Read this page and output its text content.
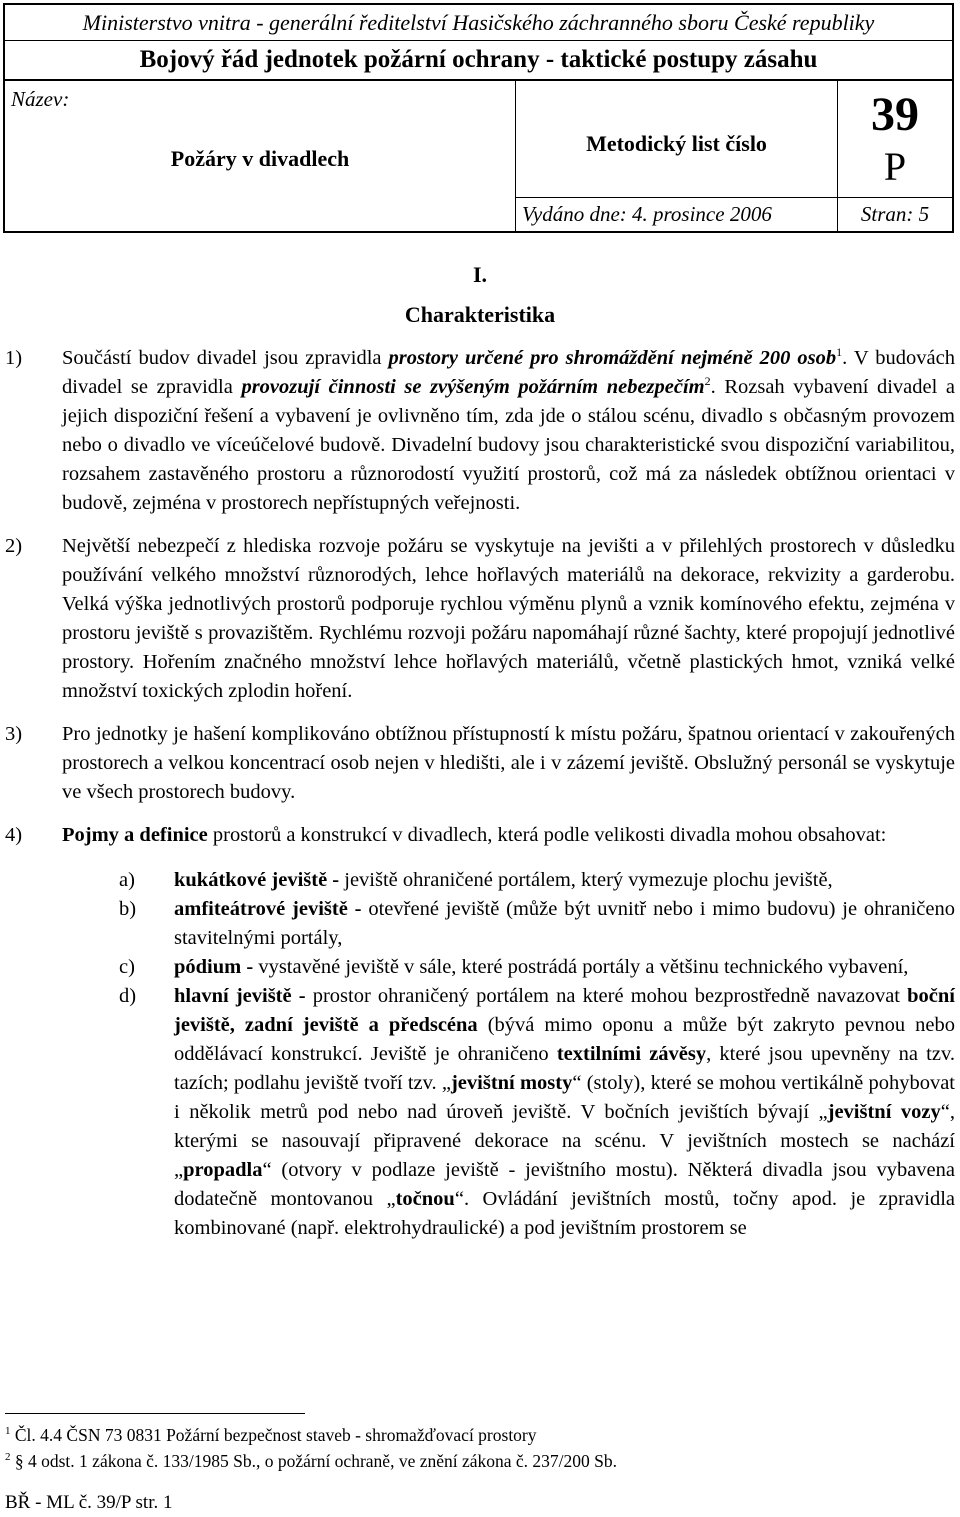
Ministerstvo vnitra - generální ředitelství Hasičského záchranného sboru České republiky
Bojový řád jednotek požární ochrany - taktické postupy zásahu
Název:
Požáry v divadlech
Metodický list číslo
39
P
Vydáno dne: 4. prosince 2006	Stran: 5
I.
Charakteristika
1) Součástí budov divadel jsou zpravidla prostory určené pro shromáždění nejméně 200 osob$^1$. V budovách divadel se zpravidla provozují činnosti se zvýšeným požárním nebezpečím$^2$. Rozsah vybavení divadel a jejich dispoziční řešení a vybavení je ovlivněno tím, zda jde o stálou scénu, divadlo s občasným provozem nebo o divadlo ve víceúčelové budově. Divadelní budovy jsou charakteristické svou dispoziční variabilitou, rozsahem zastavěného prostoru a různorodostí využití prostorů, což má za následek obtížnou orientaci v budově, zejména v prostorech nepřístupných veřejnosti.
2) Největší nebezpečí z hlediska rozvoje požáru se vyskytuje na jevišti a v přilehlých prostorech v důsledku používání velkého množství různorodých, lehce hořlavých materiálů na dekorace, rekvizity a garderobu. Velká výška jednotlivých prostorů podporuje rychlou výměnu plynů a vznik komínového efektu, zejména v prostoru jeviště s provazištěm. Rychlému rozvoji požáru napomáhají různé šachty, které propojují jednotlivé prostory. Hořením značného množství lehce hořlavých materiálů, včetně plastických hmot, vzniká velké množství toxických zplodin hoření.
3) Pro jednotky je hašení komplikováno obtížnou přístupností k místu požáru, špatnou orientací v zakouřených prostorech a velkou koncentrací osob nejen v hledišti, ale i v zázemí jeviště. Obslužný personál se vyskytuje ve všech prostorech budovy.
4) Pojmy a definice prostorů a konstrukcí v divadlech, která podle velikosti divadla mohou obsahovat:
a) kukátkové jeviště - jeviště ohraničené portálem, který vymezuje plochu jeviště,
b) amfiteátrové jeviště - otevřené jeviště (může být uvnitř nebo i mimo budovu) je ohraničeno stavitelnými portály,
c) pódium - vystavěné jeviště v sále, které postrádá portály a většinu technického vybavení,
d) hlavní jeviště - prostor ohraničený portálem na které mohou bezprostředně navazovat boční jeviště, zadní jeviště a předscéna (bývá mimo oponu a může být zakryto pevnou nebo oddělávací konstrukcí. Jeviště je ohraničeno textilními závěsy, které jsou upevněny na tzv. tazích; podlahu jeviště tvoří tzv. „jevištní mosty“ (stoly), které se mohou vertikálně pohybovat i několik metrů pod nebo nad úroveň jeviště. V bočních jevištích bývají „jevištní vozy“, kterými se nasouvají připravené dekorace na scénu. V jevištních mostech se nachází „propadla“ (otvory v podlaze jeviště - jevištního mostu). Některá divadla jsou vybavena dodatečně montovanou „točnou“. Ovládání jevištních mostů, točny apod. je zpravidla kombinované (např. elektrohydraulické) a pod jevištním prostorem se
$^1$ Čl. 4.4 ČSN 73 0831 Požární bezpečnost staveb - shromažďovací prostory
$^2$ § 4 odst. 1 zákona č. 133/1985 Sb., o požární ochraně, ve znění zákona č. 237/200 Sb.
BŘ - ML č. 39/P str. 1
